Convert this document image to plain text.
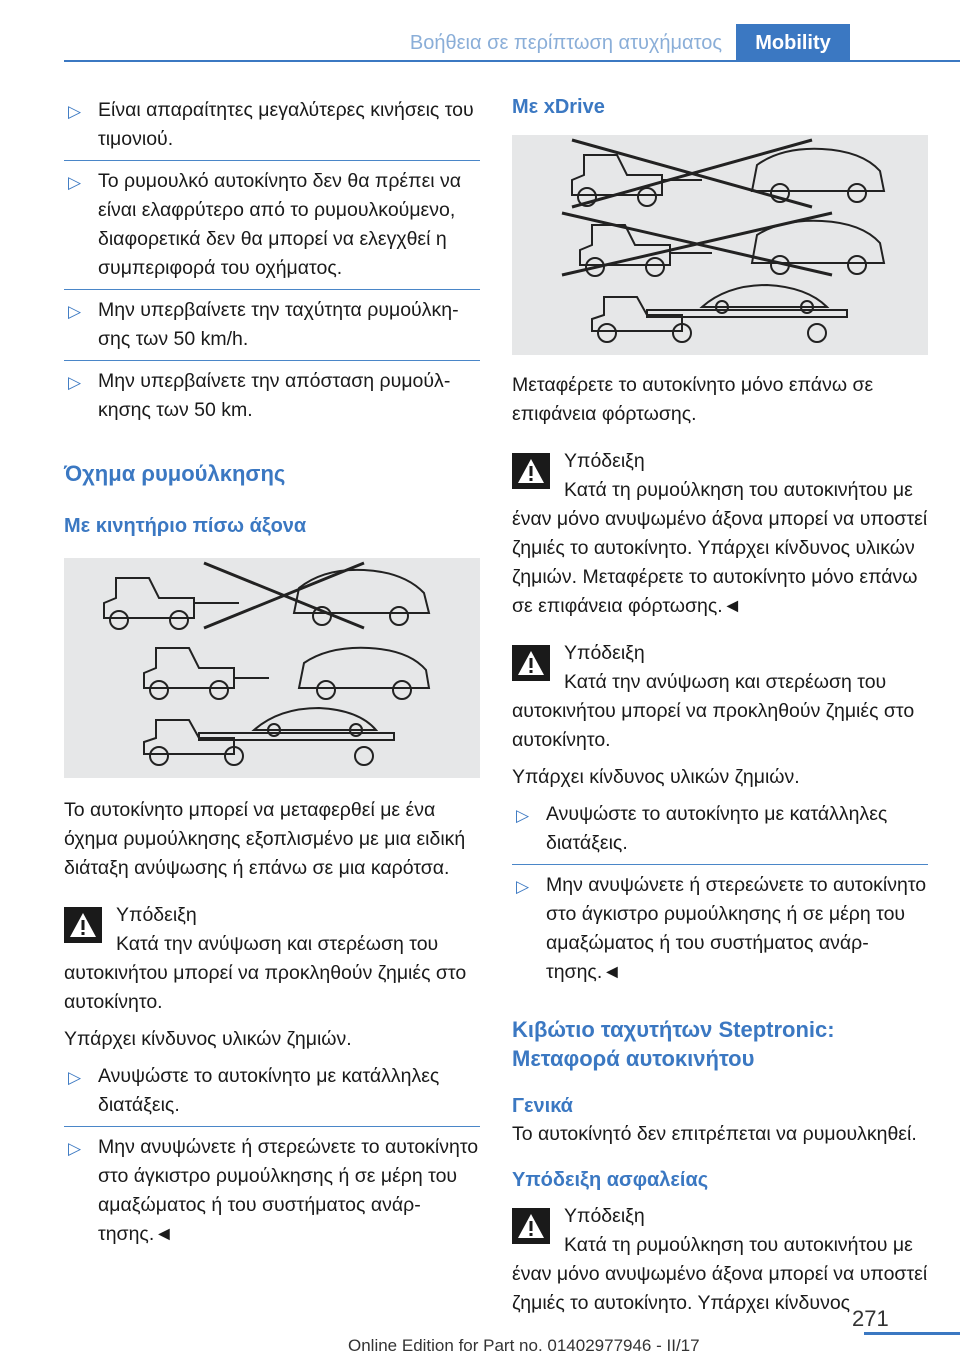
Βοήθεια σε περίπτωση ατυχήματος	Mobility
▷ Είναι απαραίτητες μεγαλύτερες κινήσεις του τιμονιού.
▷ Το ρυμουλκό αυτοκίνητο δεν θα πρέπει να είναι ελαφρύτερο από το ρυμουλκούμενο, διαφορετικά δεν θα μπορεί να ελεγχθεί η συμπεριφορά του οχήματος.
▷ Μην υπερβαίνετε την ταχύτητα ρυμούλκησης των 50 km/h.
▷ Μην υπερβαίνετε την απόσταση ρυμούλκησης των 50 km.

Όχημα ρυμούλκησης

Με κινητήριο πίσω άξονα

Το αυτοκίνητο μπορεί να μεταφερθεί με ένα όχημα ρυμούλκησης εξοπλισμένο με μια ειδική διάταξη ανύψωσης ή επάνω σε μια καρότσα.

Υπόδειξη

Κατά την ανύψωση και στερέωση του αυτοκινήτου μπορεί να προκληθούν ζημιές στο αυτοκίνητο.

Υπάρχει κίνδυνος υλικών ζημιών.

▷ Ανυψώστε το αυτοκίνητο με κατάλληλες διατάξεις.
▷ Μην ανυψώνετε ή στερεώνετε το αυτοκίνητο στο άγκιστρο ρυμούλκησης ή σε μέρη του αμαξώματος ή του συστήματος ανάρτησης.◄

Με xDrive

Μεταφέρετε το αυτοκίνητο μόνο επάνω σε επιφάνεια φόρτωσης.

Υπόδειξη

Κατά τη ρυμούλκηση του αυτοκινήτου με έναν μόνο ανυψωμένο άξονα μπορεί να υποστεί ζημιές το αυτοκίνητο. Υπάρχει κίνδυνος υλικών ζημιών. Μεταφέρετε το αυτοκίνητο μόνο επάνω σε επιφάνεια φόρτωσης.◄

Υπόδειξη

Κατά την ανύψωση και στερέωση του αυτοκινήτου μπορεί να προκληθούν ζημιές στο αυτοκίνητο.

Υπάρχει κίνδυνος υλικών ζημιών.

▷ Ανυψώστε το αυτοκίνητο με κατάλληλες διατάξεις.
▷ Μην ανυψώνετε ή στερεώνετε το αυτοκίνητο στο άγκιστρο ρυμούλκησης ή σε μέρη του αμαξώματος ή του συστήματος ανάρτησης.◄

Κιβώτιο ταχυτήτων Steptronic: Μεταφορά αυτοκινήτου

Γενικά

Το αυτοκίνητό δεν επιτρέπεται να ρυμουλκηθεί.

Υπόδειξη ασφαλείας

Υπόδειξη

Κατά τη ρυμούλκηση του αυτοκινήτου με έναν μόνο ανυψωμένο άξονα μπορεί να υποστεί ζημιές το αυτοκίνητο. Υπάρχει κίνδυνος

271
Online Edition for Part no. 01402977946 - II/17
